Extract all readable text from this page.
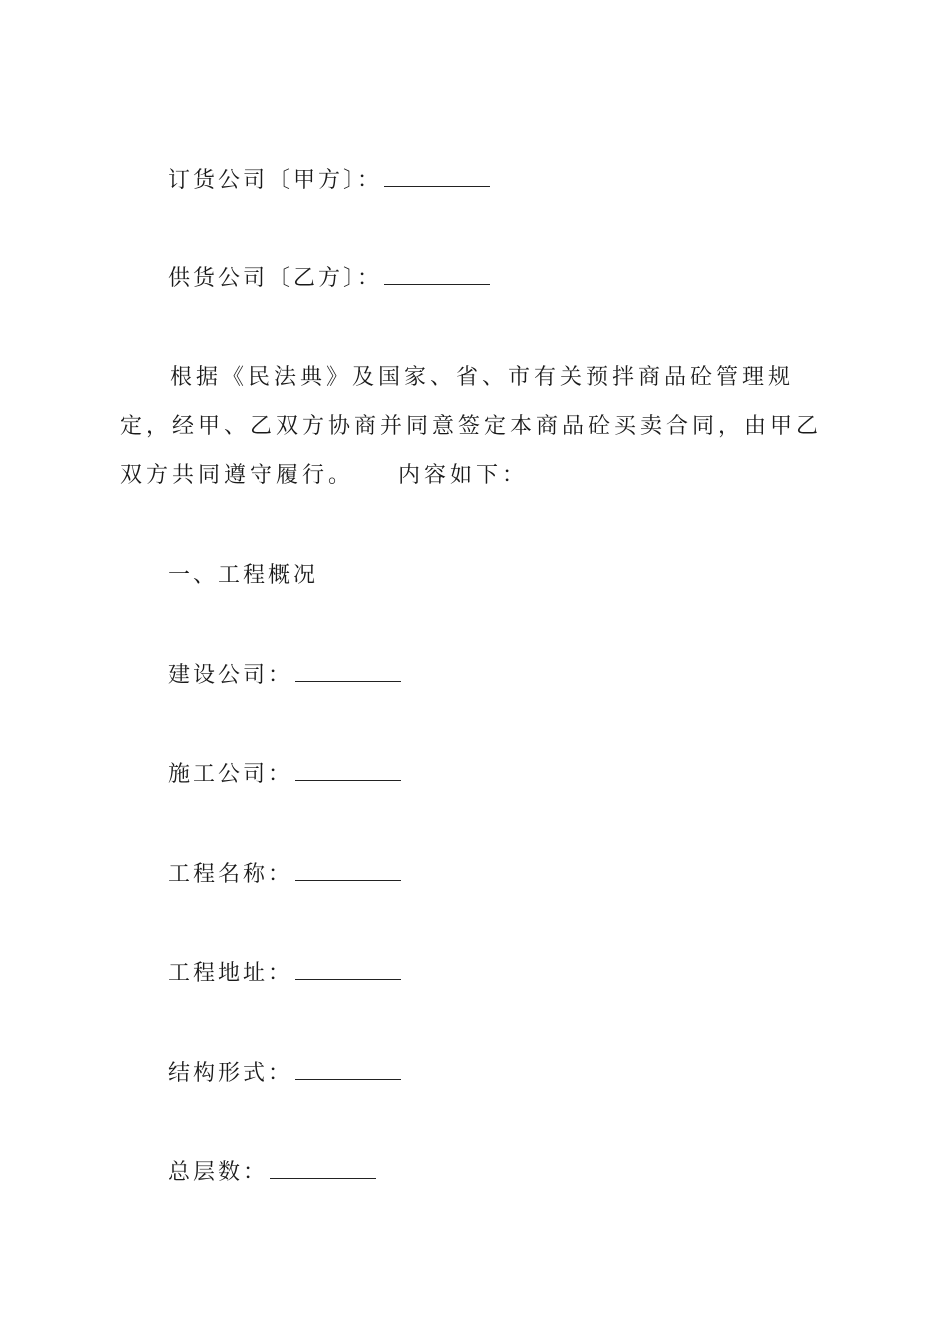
订货公司〔甲方〕：
供货公司〔乙方〕：
根据《民法典》及国家、省、市有关预拌商品砼管理规定，经甲、乙双方协商并同意签定本商品砼买卖合同，由甲乙双方共同遵守履行。 内容如下：
一、工程概况
建设公司：
施工公司：
工程名称：
工程地址：
结构形式：
总层数：
